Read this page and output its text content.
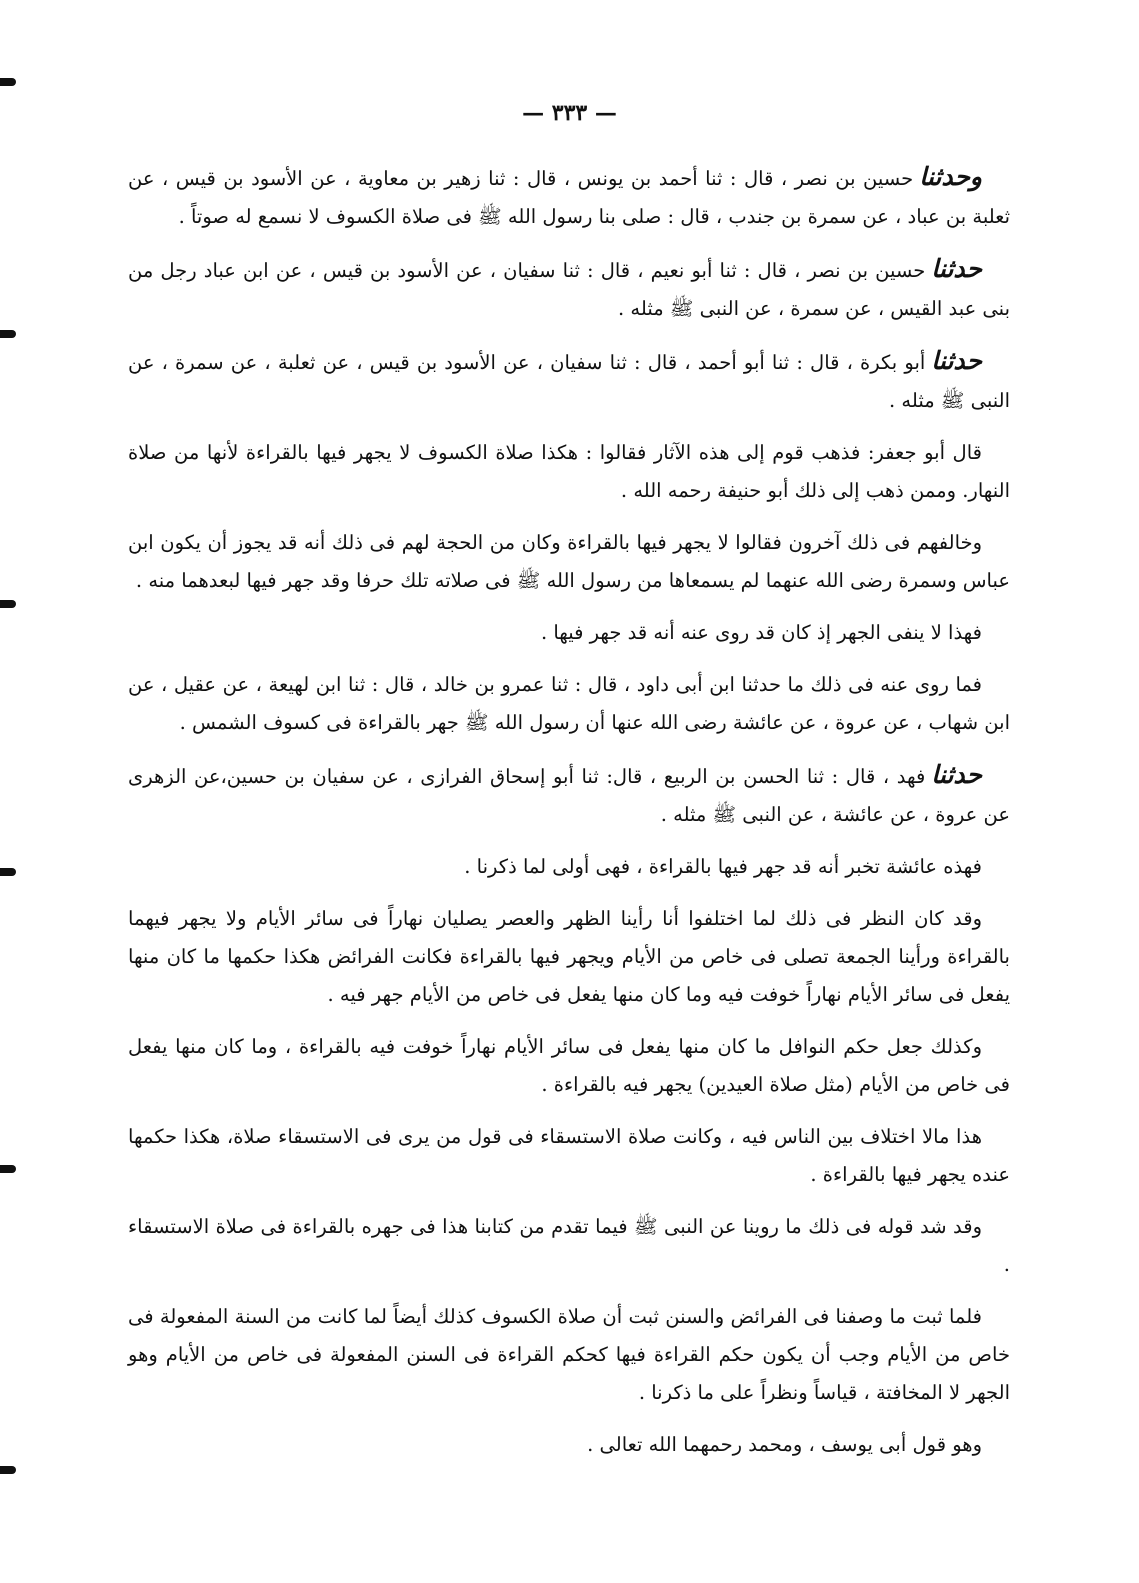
— ٣٣٣ —

وحدثناحسين بن نصر ، قال : ثنا أحمد بن يونس ، قال : ثنا زهير بن معاوية ، عن الأسود بن قيس ، عن ثعلبة بن عباد ، عن سمرة بن جندب ، قال : صلى بنا رسول الله ﷺ فى صلاة الكسوف لا نسمع له صوتاً .

حدثناحسين بن نصر ، قال : ثنا أبو نعيم ، قال : ثنا سفيان ، عن الأسود بن قيس ، عن ابن عباد رجل من بنى عبد القيس ، عن سمرة ، عن النبى ﷺ مثله .

حدثناأبو بكرة ، قال : ثنا أبو أحمد ، قال : ثنا سفيان ، عن الأسود بن قيس ، عن ثعلبة ، عن سمرة ، عن النبى ﷺ مثله .

قال أبو جعفر: فذهب قوم إلى هذه الآثار فقالوا : هكذا صلاة الكسوف لا يجهر فيها بالقراءة لأنها من صلاة النهار. وممن ذهب إلى ذلك أبو حنيفة رحمه الله .

وخالفهم فى ذلك آخرون فقالوا لا يجهر فيها بالقراءة وكان من الحجة لهم فى ذلك أنه قد يجوز أن يكون ابن عباس وسمرة رضى الله عنهما لم يسمعاها من رسول الله ﷺ فى صلاته تلك حرفا وقد جهر فيها لبعدهما منه .

فهذا لا ينفى الجهر إذ كان قد روى عنه أنه قد جهر فيها .

فما روى عنه فى ذلك ما حدثنا ابن أبى داود ، قال : ثنا عمرو بن خالد ، قال : ثنا ابن لهيعة ، عن عقيل ، عن ابن شهاب ، عن عروة ، عن عائشة رضى الله عنها أن رسول الله ﷺ جهر بالقراءة فى كسوف الشمس .

حدثنافهد ، قال : ثنا الحسن بن الربيع ، قال: ثنا أبو إسحاق الفرازى ، عن سفيان بن حسين،عن الزهرى عن عروة ، عن عائشة ، عن النبى ﷺ مثله .

فهذه عائشة تخبر أنه قد جهر فيها بالقراءة ، فهى أولى لما ذكرنا .

وقد كان النظر فى ذلك لما اختلفوا أنا رأينا الظهر والعصر يصليان نهاراً فى سائر الأيام ولا يجهر فيهما بالقراءة ورأينا الجمعة تصلى فى خاص من الأيام ويجهر فيها بالقراءة فكانت الفرائض هكذا حكمها ما كان منها يفعل فى سائر الأيام نهاراً خوفت فيه وما كان منها يفعل فى خاص من الأيام جهر فيه .

وكذلك جعل حكم النوافل ما كان منها يفعل فى سائر الأيام نهاراً خوفت فيه بالقراءة ، وما كان منها يفعل فى خاص من الأيام (مثل صلاة العيدين) يجهر فيه بالقراءة .

هذا مالا اختلاف بين الناس فيه ، وكانت صلاة الاستسقاء فى قول من يرى فى الاستسقاء صلاة، هكذا حكمها عنده يجهر فيها بالقراءة .

وقد شد قوله فى ذلك ما روينا عن النبى ﷺ فيما تقدم من كتابنا هذا فى جهره بالقراءة فى صلاة الاستسقاء .

فلما ثبت ما وصفنا فى الفرائض والسنن ثبت أن صلاة الكسوف كذلك أيضاً لما كانت من السنة المفعولة فى خاص من الأيام وجب أن يكون حكم القراءة فيها كحكم القراءة فى السنن المفعولة فى خاص من الأيام وهو الجهر لا المخافتة ، قياساً ونظراً على ما ذكرنا .

وهو قول أبى يوسف ، ومحمد رحمهما الله تعالى .
